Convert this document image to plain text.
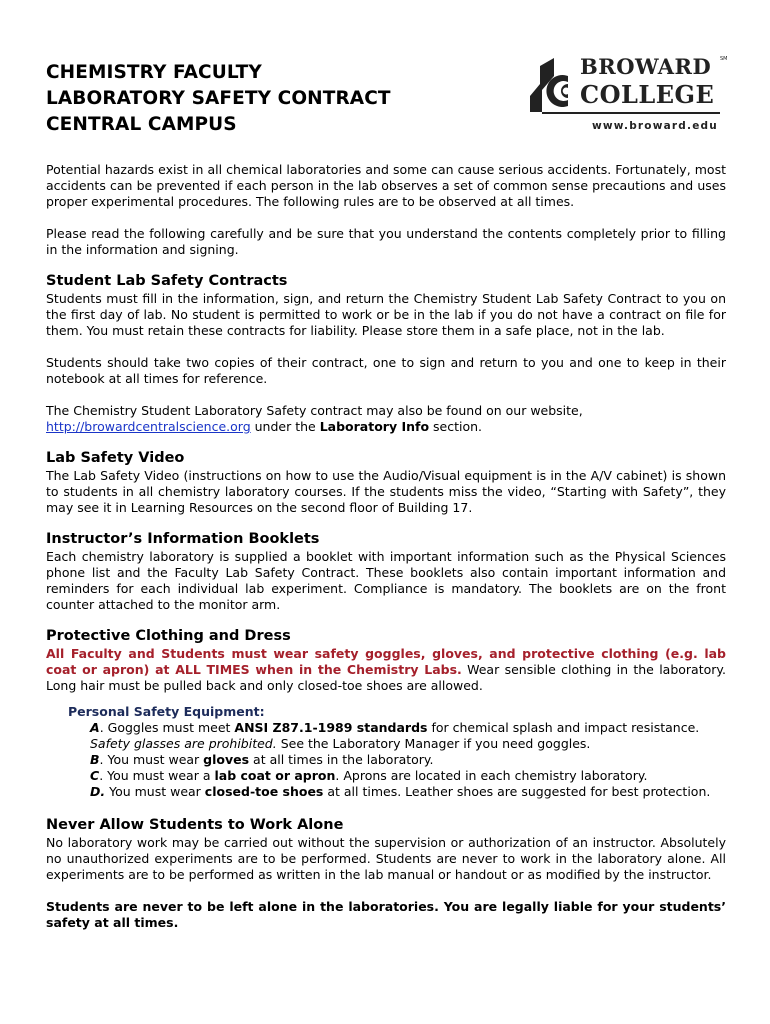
CHEMISTRY FACULTY
LABORATORY SAFETY CONTRACT
CENTRAL CAMPUS
BROWARD
COLLEGE
SM
www.broward.edu

Potential hazards exist in all chemical laboratories and some can cause serious accidents. Fortunately, most accidents can be prevented if each person in the lab observes a set of common sense precautions and uses proper experimental procedures. The following rules are to be observed at all times.

Please read the following carefully and be sure that you understand the contents completely prior to filling in the information and signing.

Student Lab Safety Contracts

Students must fill in the information, sign, and return the Chemistry Student Lab Safety Contract to you on the first day of lab. No student is permitted to work or be in the lab if you do not have a contract on file for them. You must retain these contracts for liability. Please store them in a safe place, not in the lab.

Students should take two copies of their contract, one to sign and return to you and one to keep in their notebook at all times for reference.

The Chemistry Student Laboratory Safety contract may also be found on our website,
http://browardcentralscience.org under the Laboratory Info section.

Lab Safety Video

The Lab Safety Video (instructions on how to use the Audio/Visual equipment is in the A/V cabinet) is shown to students in all chemistry laboratory courses. If the students miss the video, “Starting with Safety”, they may see it in Learning Resources on the second floor of Building 17.

Instructor’s Information Booklets

Each chemistry laboratory is supplied a booklet with important information such as the Physical Sciences phone list and the Faculty Lab Safety Contract. These booklets also contain important information and reminders for each individual lab experiment. Compliance is mandatory. The booklets are on the front counter attached to the monitor arm.

Protective Clothing and Dress

All Faculty and Students must wear safety goggles, gloves, and protective clothing (e.g. lab coat or apron) at ALL TIMES when in the Chemistry Labs. Wear sensible clothing in the laboratory. Long hair must be pulled back and only closed-toe shoes are allowed.

Personal Safety Equipment:
A. Goggles must meet ANSI Z87.1-1989 standards for chemical splash and impact resistance.
Safety glasses are prohibited. See the Laboratory Manager if you need goggles.
B. You must wear gloves at all times in the laboratory.
C. You must wear a lab coat or apron. Aprons are located in each chemistry laboratory.
D. You must wear closed-toe shoes at all times. Leather shoes are suggested for best protection.
Never Allow Students to Work Alone

No laboratory work may be carried out without the supervision or authorization of an instructor. Absolutely no unauthorized experiments are to be performed. Students are never to work in the laboratory alone. All experiments are to be performed as written in the lab manual or handout or as modified by the instructor.

Students are never to be left alone in the laboratories. You are legally liable for your students’ safety at all times.
